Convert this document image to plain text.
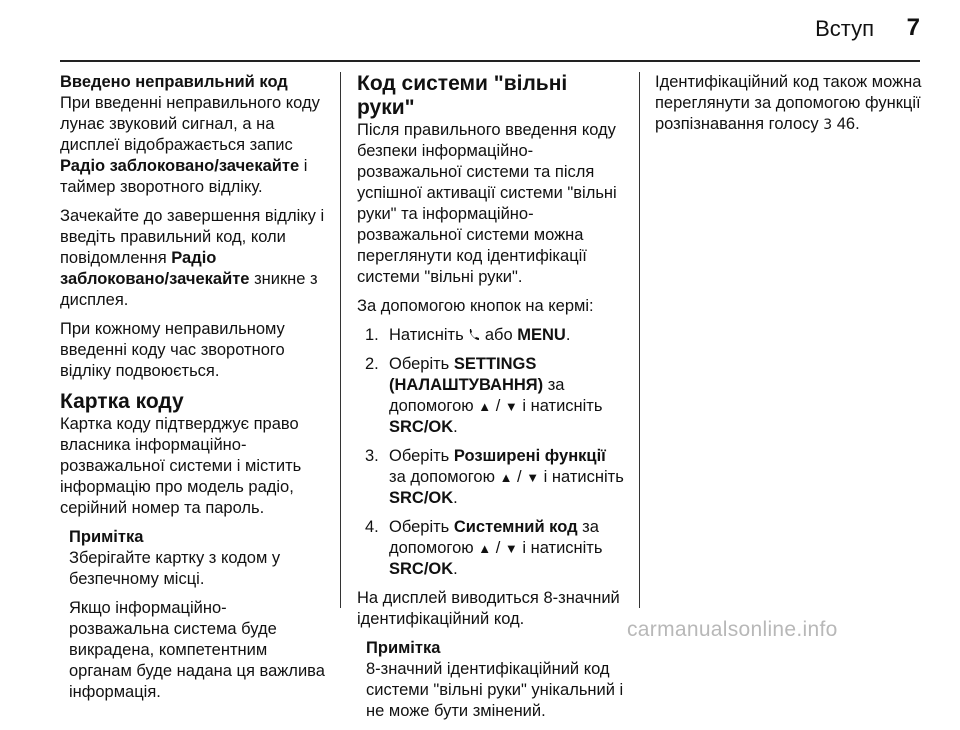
Вступ 7

Введено неправильний код
При введенні неправильного коду лунає звуковий сигнал, а на дисплеї відображається запис Радіо заблоковано/зачекайте і таймер зворотного відліку.

Зачекайте до завершення відліку і введіть правильний код, коли повідомлення Радіо заблоковано/зачекайте зникне з дисплея.

При кожному неправильному введенні коду час зворотного відліку подвоюється.

Картка коду

Картка коду підтверджує право власника інформаційно-розважальної системи і містить інформацію про модель радіо, серійний номер та пароль.

Примітка

Зберігайте картку з кодом у безпечному місці.

Якщо інформаційно-розважальна система буде викрадена, компетентним органам буде надана ця важлива інформація.

Код системи "вільні руки"

Після правильного введення коду безпеки інформаційно-розважальної системи та після успішної активації системи "вільні руки" та інформаційно-розважальної системи можна переглянути код ідентифікації системи "вільні руки".

За допомогою кнопок на кермі:

1. Натисніть  або MENU.
2. Оберіть SETTINGS (НАЛАШТУВАННЯ) за допомогою ▲ / ▼ і натисніть SRC/OK.
3. Оберіть Розширені функції за допомогою ▲ / ▼ і натисніть SRC/OK.
4. Оберіть Системний код за допомогою ▲ / ▼ і натисніть SRC/OK.

На дисплей виводиться 8-значний ідентифікаційний код.

Примітка

8-значний ідентифікаційний код системи "вільні руки" унікальний і не може бути змінений.

Ідентифікаційний код також можна переглянути за допомогою функції розпізнавання голосу 3 46.

carmanualsonline.info
